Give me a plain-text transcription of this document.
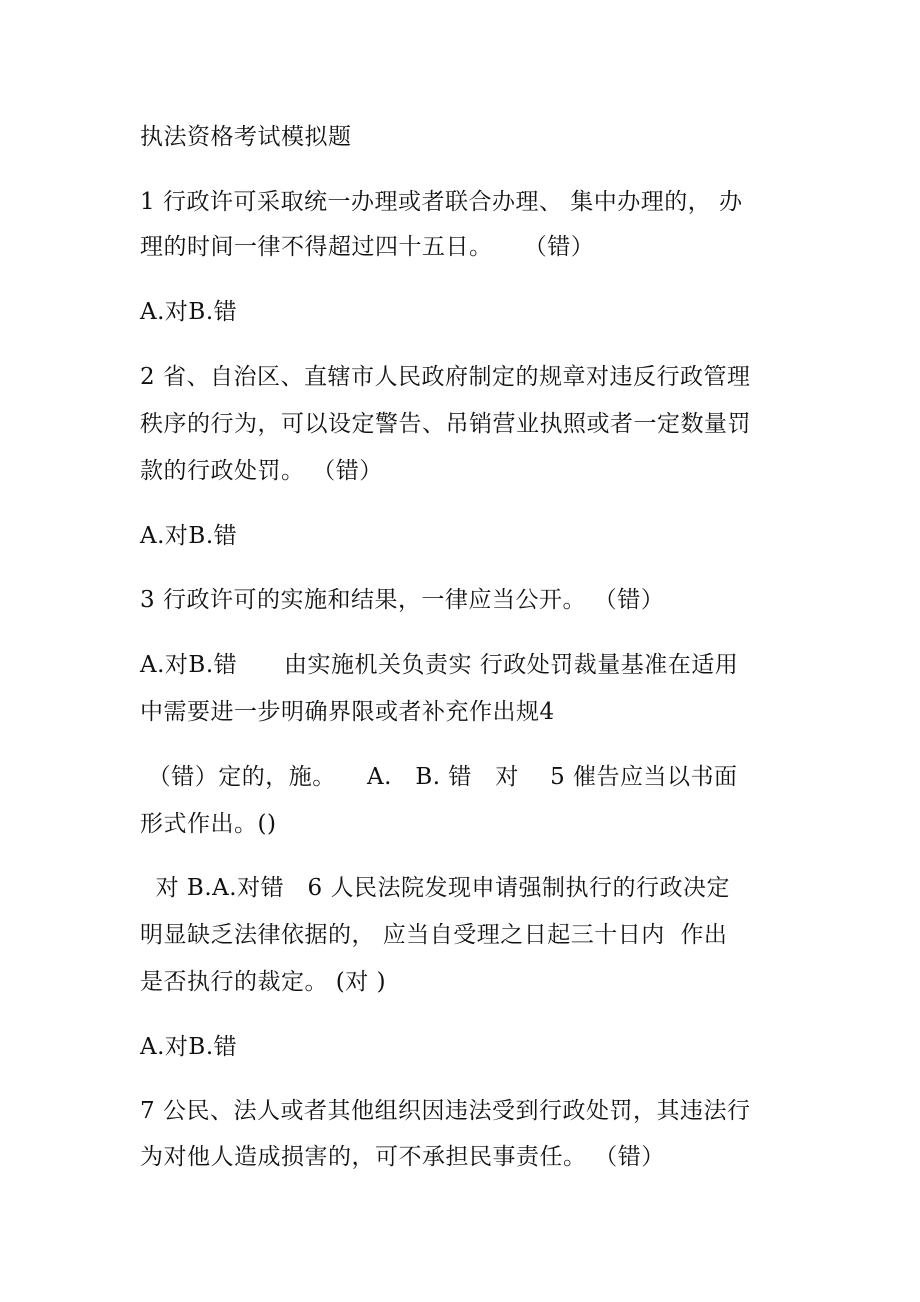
执法资格考试模拟题
1 行政许可采取统一办理或者联合办理、 集中办理的， 办
理的时间一律不得超过四十五日。    （错）
A.对B.错
2 省、自治区、直辖市人民政府制定的规章对违反行政管理
秩序的行为，可以设定警告、吊销营业执照或者一定数量罚
款的行政处罚。 （错）
A.对B.错
3 行政许可的实施和结果，一律应当公开。 （错）
A.对B.错      由实施机关负责实 行政处罚裁量基准在适用
中需要进一步明确界限或者补充作出规4
（错）定的，施。    A.   B. 错   对    5 催告应当以书面
形式作出。()
对 B.A.对错   6 人民法院发现申请强制执行的行政决定
明显缺乏法律依据的， 应当自受理之日起三十日内  作出
是否执行的裁定。 (对 )
A.对B.错
7 公民、法人或者其他组织因违法受到行政处罚，其违法行
为对他人造成损害的，可不承担民事责任。 （错）
